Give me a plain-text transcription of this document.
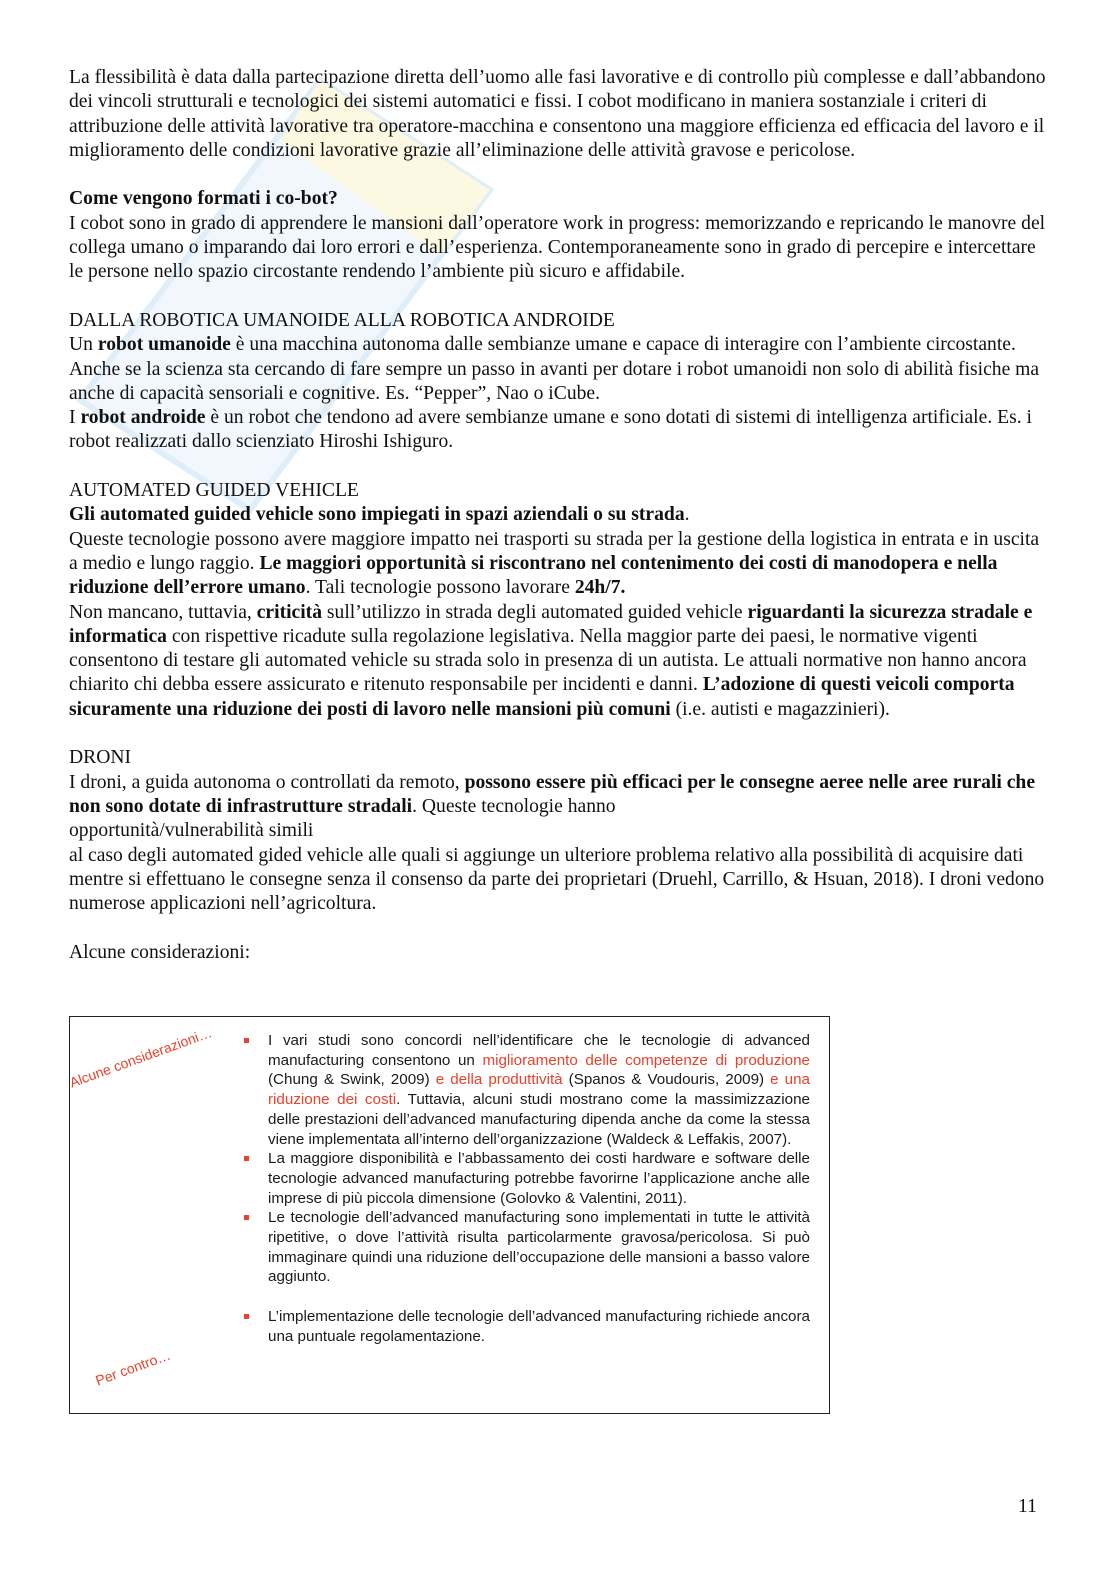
La flessibilità è data dalla partecipazione diretta dell’uomo alle fasi lavorative e di controllo più complesse e dall’abbandono dei vincoli strutturali e tecnologici dei sistemi automatici e fissi. I cobot modificano in maniera sostanziale i criteri di attribuzione delle attività lavorative tra operatore-macchina e consentono una maggiore efficienza ed efficacia del lavoro e il miglioramento delle condizioni lavorative grazie all’eliminazione delle attività gravose e pericolose.

Come vengono formati i co-bot?

I cobot sono in grado di apprendere le mansioni dall’operatore work in progress: memorizzando e repricando le manovre del collega umano o imparando dai loro errori e dall’esperienza. Contemporaneamente sono in grado di percepire e intercettare le persone nello spazio circostante rendendo l’ambiente più sicuro e affidabile.

DALLA ROBOTICA UMANOIDE ALLA ROBOTICA ANDROIDE

Un robot umanoide è una macchina autonoma dalle sembianze umane e capace di interagire con l’ambiente circostante. Anche se la scienza sta cercando di fare sempre un passo in avanti per dotare i robot umanoidi non solo di abilità fisiche ma anche di capacità sensoriali e cognitive. Es. “Pepper”, Nao o iCube.

I robot androide è un robot che tendono ad avere sembianze umane e sono dotati di sistemi di intelligenza artificiale. Es. i robot realizzati dallo scienziato Hiroshi Ishiguro.

AUTOMATED GUIDED VEHICLE

Gli automated guided vehicle sono impiegati in spazi aziendali o su strada.

Queste tecnologie possono avere maggiore impatto nei trasporti su strada per la gestione della logistica in entrata e in uscita a medio e lungo raggio. Le maggiori opportunità si riscontrano nel contenimento dei costi di manodopera e nella riduzione dell’errore umano. Tali tecnologie possono lavorare 24h/7.

Non mancano, tuttavia, criticità sull’utilizzo in strada degli automated guided vehicle riguardanti la sicurezza stradale e informatica con rispettive ricadute sulla regolazione legislativa. Nella maggior parte dei paesi, le normative vigenti consentono di testare gli automated vehicle su strada solo in presenza di un autista. Le attuali normative non hanno ancora chiarito chi debba essere assicurato e ritenuto responsabile per incidenti e danni. L’adozione di questi veicoli comporta sicuramente una riduzione dei posti di lavoro nelle mansioni più comuni (i.e. autisti e magazzinieri).

DRONI

I droni, a guida autonoma o controllati da remoto, possono essere più efficaci per le consegne aeree nelle aree rurali che non sono dotate di infrastrutture stradali. Queste tecnologie hanno

opportunità/vulnerabilità simili

al caso degli automated gided vehicle alle quali si aggiunge un ulteriore problema relativo alla possibilità di acquisire dati mentre si effettuano le consegne senza il consenso da parte dei proprietari (Druehl, Carrillo, & Hsuan, 2018). I droni vedono numerose applicazioni nell’agricoltura.

Alcune considerazioni:

Alcune considerazioni…
Per contro…
I vari studi sono concordi nell’identificare che le tecnologie di advanced manufacturing consentono un miglioramento delle competenze di produzione (Chung & Swink, 2009) e della produttività (Spanos & Voudouris, 2009) e una riduzione dei costi. Tuttavia, alcuni studi mostrano come la massimizzazione delle prestazioni dell’advanced manufacturing dipenda anche da come la stessa viene implementata all’interno dell’organizzazione (Waldeck & Leffakis, 2007).
La maggiore disponibilità e l’abbassamento dei costi hardware e software delle tecnologie advanced manufacturing potrebbe favorirne l’applicazione anche alle imprese di più piccola dimensione (Golovko & Valentini, 2011).
Le tecnologie dell’advanced manufacturing sono implementati in tutte le attività ripetitive, o dove l’attività risulta particolarmente gravosa/pericolosa. Si può immaginare quindi una riduzione dell’occupazione delle mansioni a basso valore aggiunto.
L’implementazione delle tecnologie dell’advanced manufacturing richiede ancora una puntuale regolamentazione.
11
